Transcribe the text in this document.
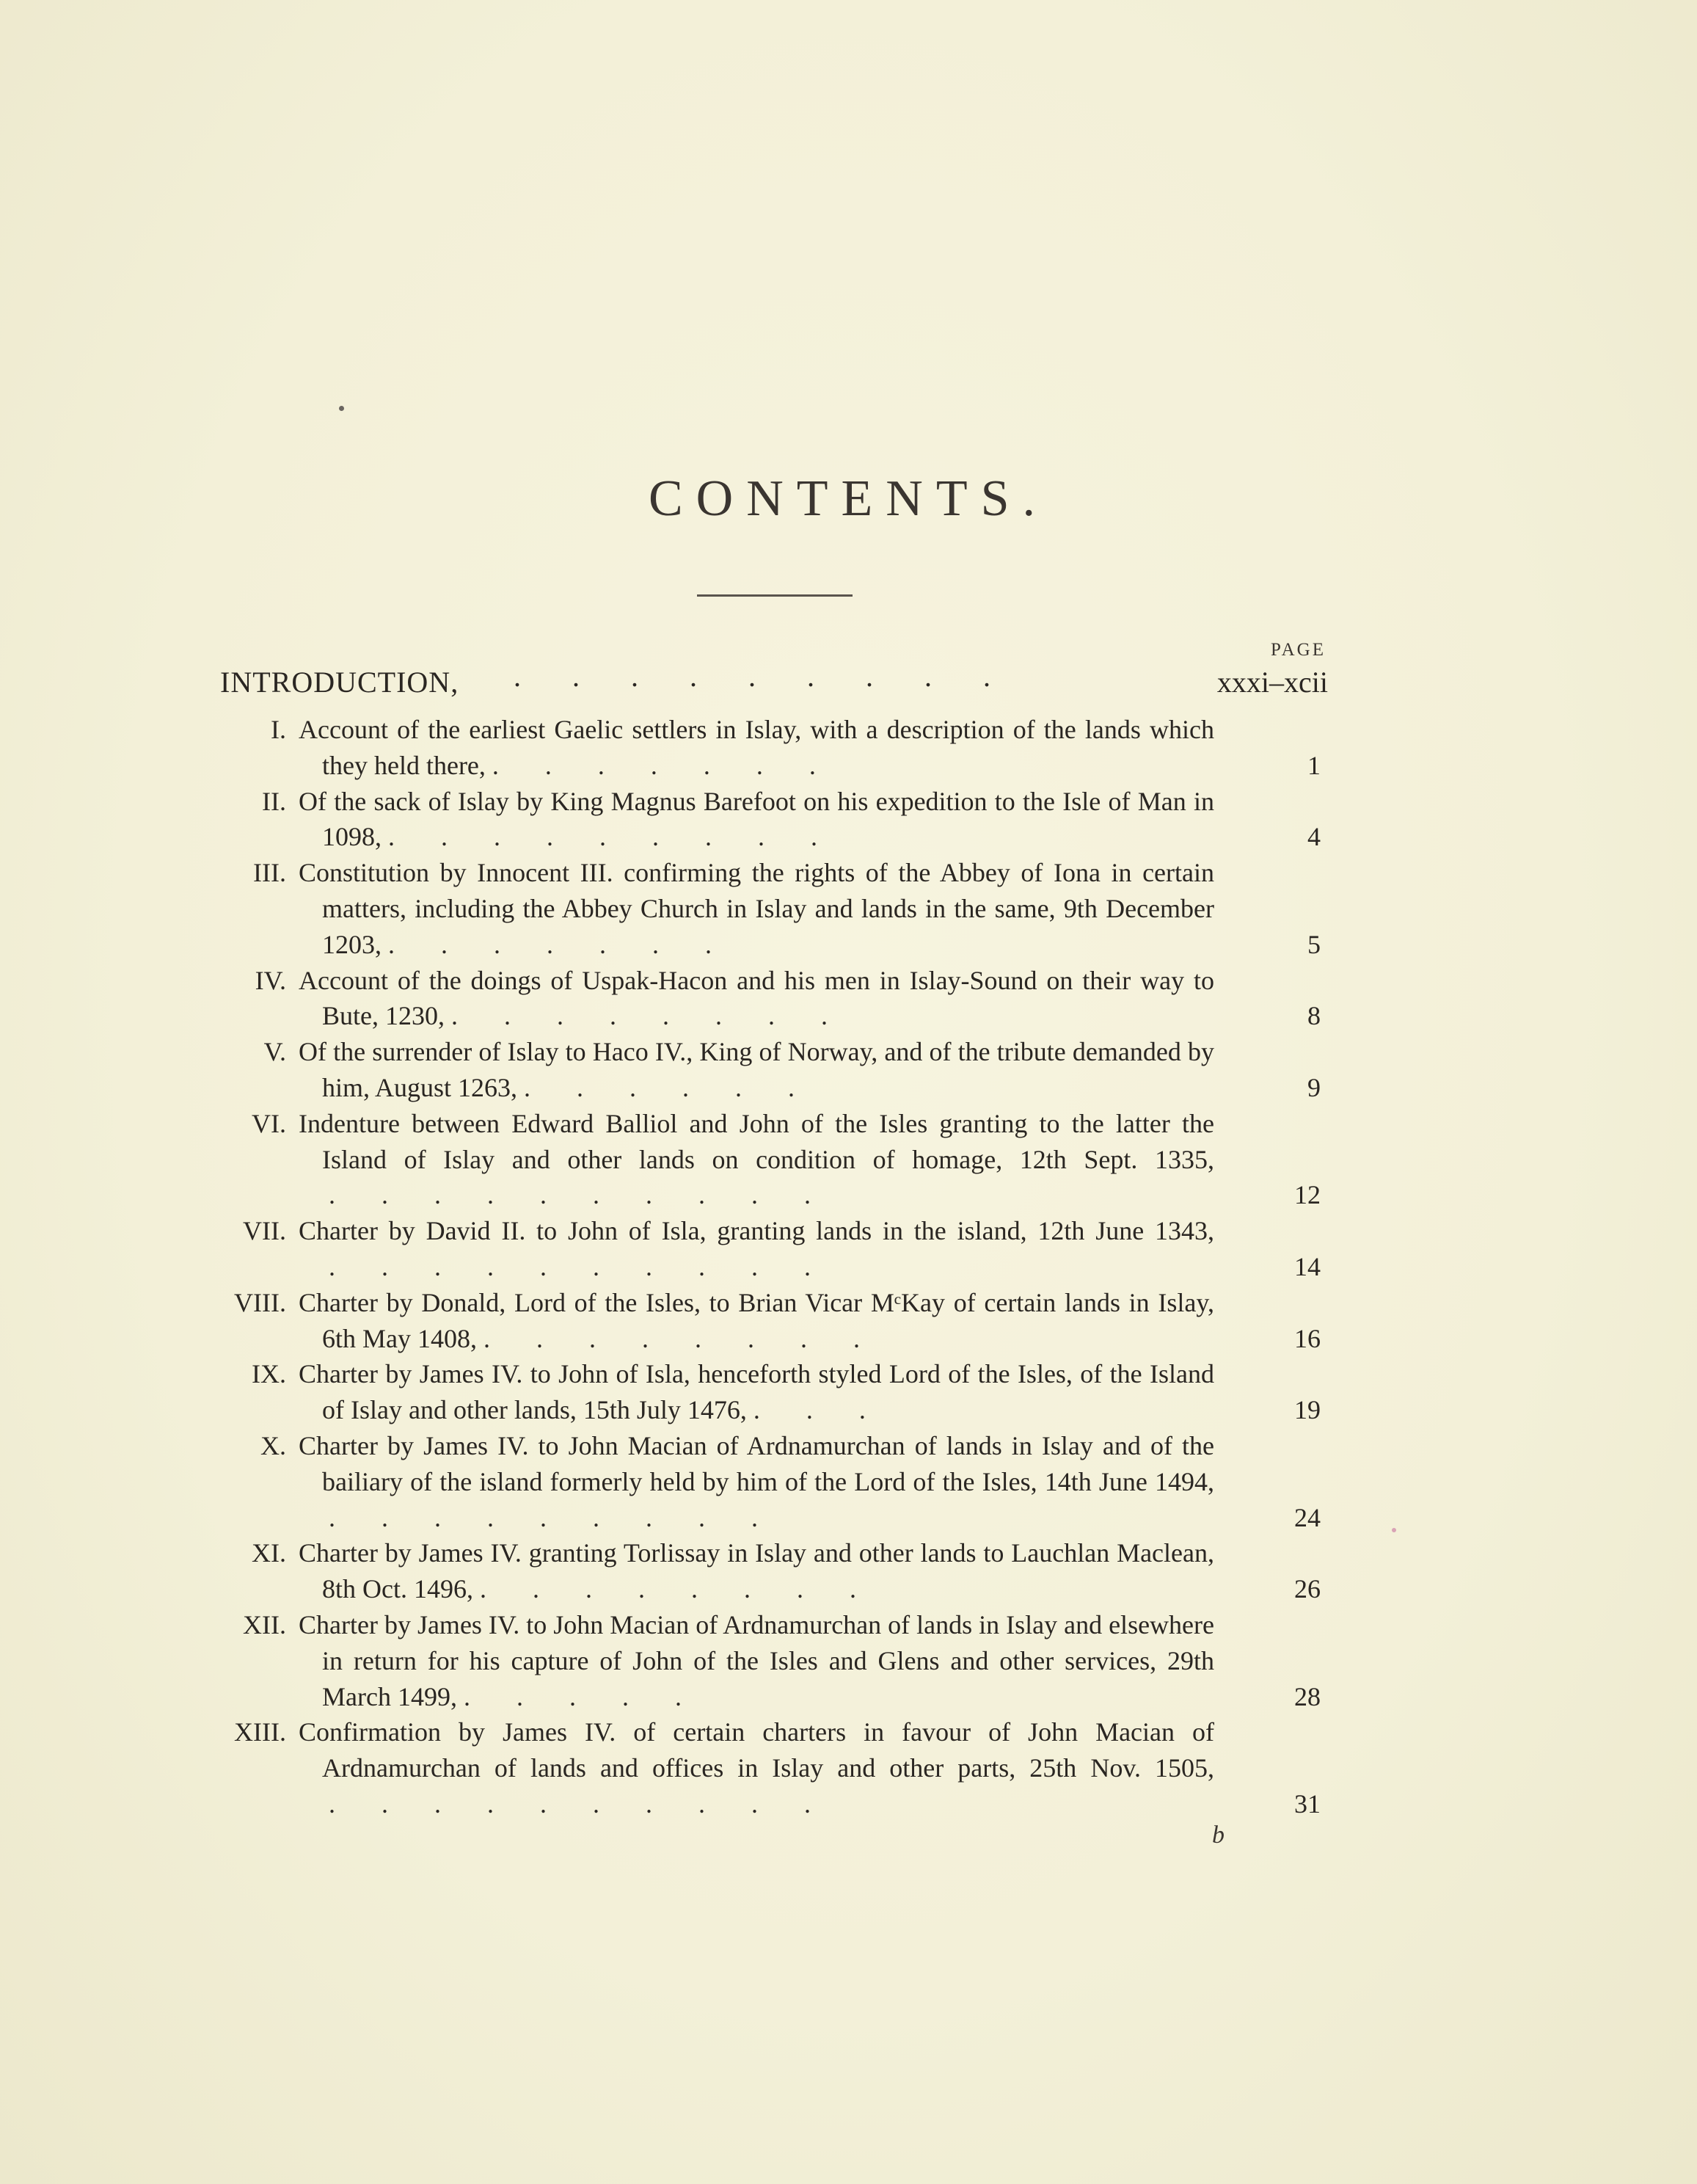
CONTENTS.
PAGE
INTRODUCTION, .       .       .       .       .       .       .       .       .	xxxi–xcii
I. Account of the earliest Gaelic settlers in Islay, with a description of the lands which they held there, .       .       .       .       .       .       .	1
II. Of the sack of Islay by King Magnus Barefoot on his expedition to the Isle of Man in 1098, .       .       .       .       .       .       .       .       .	4
III. Constitution by Innocent III. confirming the rights of the Abbey of Iona in certain matters, including the Abbey Church in Islay and lands in the same, 9th December 1203, .       .       .       .       .       .       .	5
IV. Account of the doings of Uspak-Hacon and his men in Islay-Sound on their way to Bute, 1230, .       .       .       .       .       .       .       .	8
V. Of the surrender of Islay to Haco IV., King of Norway, and of the tribute demanded by him, August 1263, .       .       .       .       .       .	9
VI. Indenture between Edward Balliol and John of the Isles granting to the latter the Island of Islay and other lands on condition of homage, 12th Sept. 1335, .       .       .       .       .       .       .       .       .       .	12
VII. Charter by David II. to John of Isla, granting lands in the island, 12th June 1343, .       .       .       .       .       .       .       .       .       .	14
VIII. Charter by Donald, Lord of the Isles, to Brian Vicar MᶜKay of certain lands in Islay, 6th May 1408, .       .       .       .       .       .       .       .	16
IX. Charter by James IV. to John of Isla, henceforth styled Lord of the Isles, of the Island of Islay and other lands, 15th July 1476, .       .       .	19
X. Charter by James IV. to John Macian of Ardnamurchan of lands in Islay and of the bailiary of the island formerly held by him of the Lord of the Isles, 14th June 1494, .       .       .       .       .       .       .       .       .	24
XI. Charter by James IV. granting Torlissay in Islay and other lands to Lauchlan Maclean, 8th Oct. 1496, .       .       .       .       .       .       .       .	26
XII. Charter by James IV. to John Macian of Ardnamurchan of lands in Islay and elsewhere in return for his capture of John of the Isles and Glens and other services, 29th March 1499, .       .       .       .       .	28
XIII. Confirmation by James IV. of certain charters in favour of John Macian of Ardnamurchan of lands and offices in Islay and other parts, 25th Nov. 1505, .       .       .       .       .       .       .       .       .       .	31
b
